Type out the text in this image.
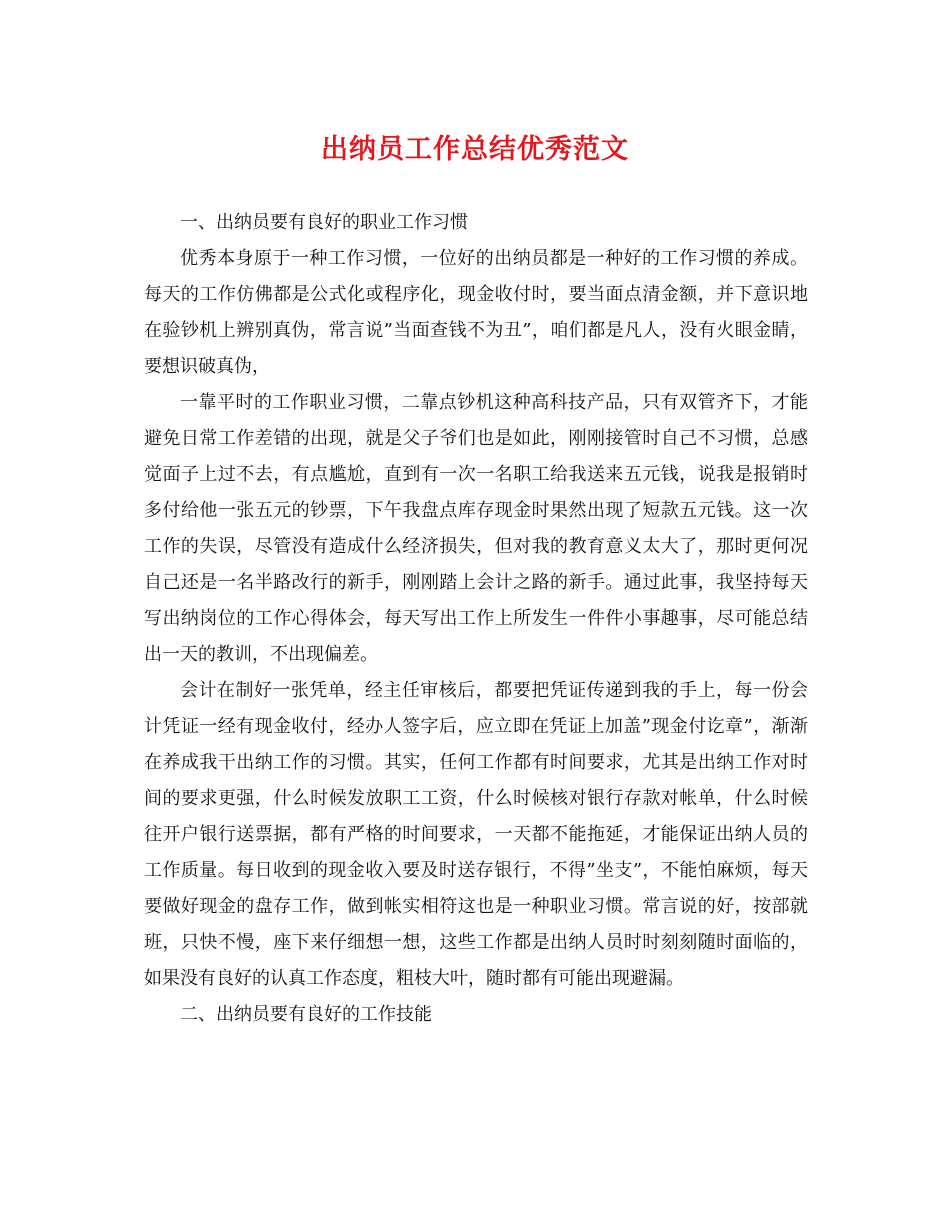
出纳员工作总结优秀范文

一、出纳员要有良好的职业工作习惯

优秀本身原于一种工作习惯，一位好的出纳员都是一种好的工作习惯的养成。每天的工作仿佛都是公式化或程序化，现金收付时，要当面点清金额，并下意识地在验钞机上辨别真伪，常言说”当面查钱不为丑”，咱们都是凡人，没有火眼金睛，要想识破真伪，

一靠平时的工作职业习惯，二靠点钞机这种高科技产品，只有双管齐下，才能避免日常工作差错的出现，就是父子爷们也是如此，刚刚接管时自己不习惯，总感觉面子上过不去，有点尴尬，直到有一次一名职工给我送来五元钱，说我是报销时多付给他一张五元的钞票，下午我盘点库存现金时果然出现了短款五元钱。这一次工作的失误，尽管没有造成什么经济损失，但对我的教育意义太大了，那时更何况自己还是一名半路改行的新手，刚刚踏上会计之路的新手。通过此事，我坚持每天写出纳岗位的工作心得体会，每天写出工作上所发生一件件小事趣事，尽可能总结出一天的教训，不出现偏差。

会计在制好一张凭单，经主任审核后，都要把凭证传递到我的手上，每一份会计凭证一经有现金收付，经办人签字后，应立即在凭证上加盖”现金付讫章”，渐渐在养成我干出纳工作的习惯。其实，任何工作都有时间要求，尤其是出纳工作对时间的要求更强，什么时候发放职工工资，什么时候核对银行存款对帐单，什么时候往开户银行送票据，都有严格的时间要求，一天都不能拖延，才能保证出纳人员的工作质量。每日收到的现金收入要及时送存银行，不得”坐支”，不能怕麻烦，每天要做好现金的盘存工作，做到帐实相符这也是一种职业习惯。常言说的好，按部就班，只快不慢，座下来仔细想一想，这些工作都是出纳人员时时刻刻随时面临的，如果没有良好的认真工作态度，粗枝大叶，随时都有可能出现避漏。

二、出纳员要有良好的工作技能
